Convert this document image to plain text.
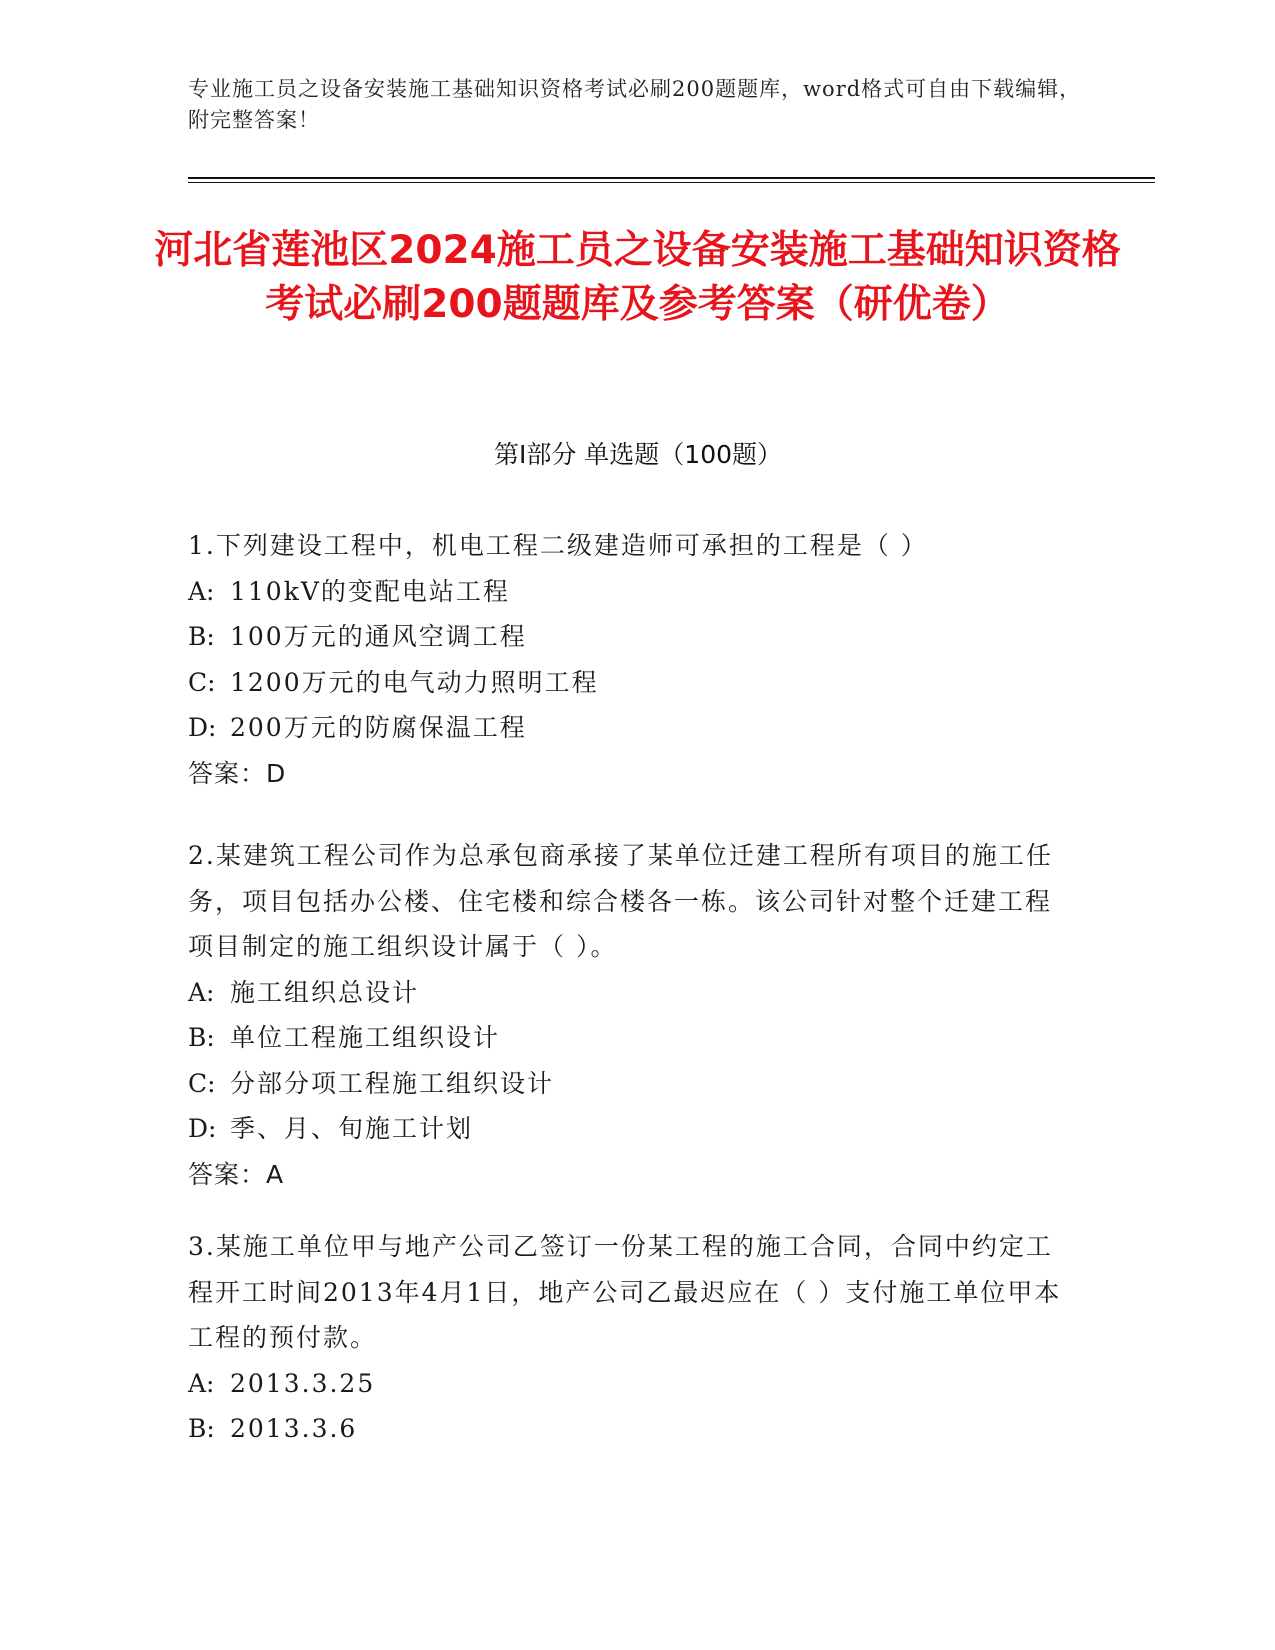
专业施工员之设备安装施工基础知识资格考试必刷200题题库，word格式可自由下载编辑，附完整答案！
河北省莲池区2024施工员之设备安装施工基础知识资格考试必刷200题题库及参考答案（研优卷）
第Ⅰ部分 单选题（100题）

1.下列建设工程中，机电工程二级建造师可承担的工程是（ ）

A: 110kV的变配电站工程

B: 100万元的通风空调工程

C: 1200万元的电气动力照明工程

D: 200万元的防腐保温工程

答案：D

2.某建筑工程公司作为总承包商承接了某单位迁建工程所有项目的施工任务，项目包括办公楼、住宅楼和综合楼各一栋。该公司针对整个迁建工程项目制定的施工组织设计属于（ ）。

A: 施工组织总设计

B: 单位工程施工组织设计

C: 分部分项工程施工组织设计

D: 季、月、旬施工计划

答案：A

3.某施工单位甲与地产公司乙签订一份某工程的施工合同，合同中约定工程开工时间2013年4月1日，地产公司乙最迟应在（ ）支付施工单位甲本工程的预付款。

A: 2013.3.25

B: 2013.3.6
